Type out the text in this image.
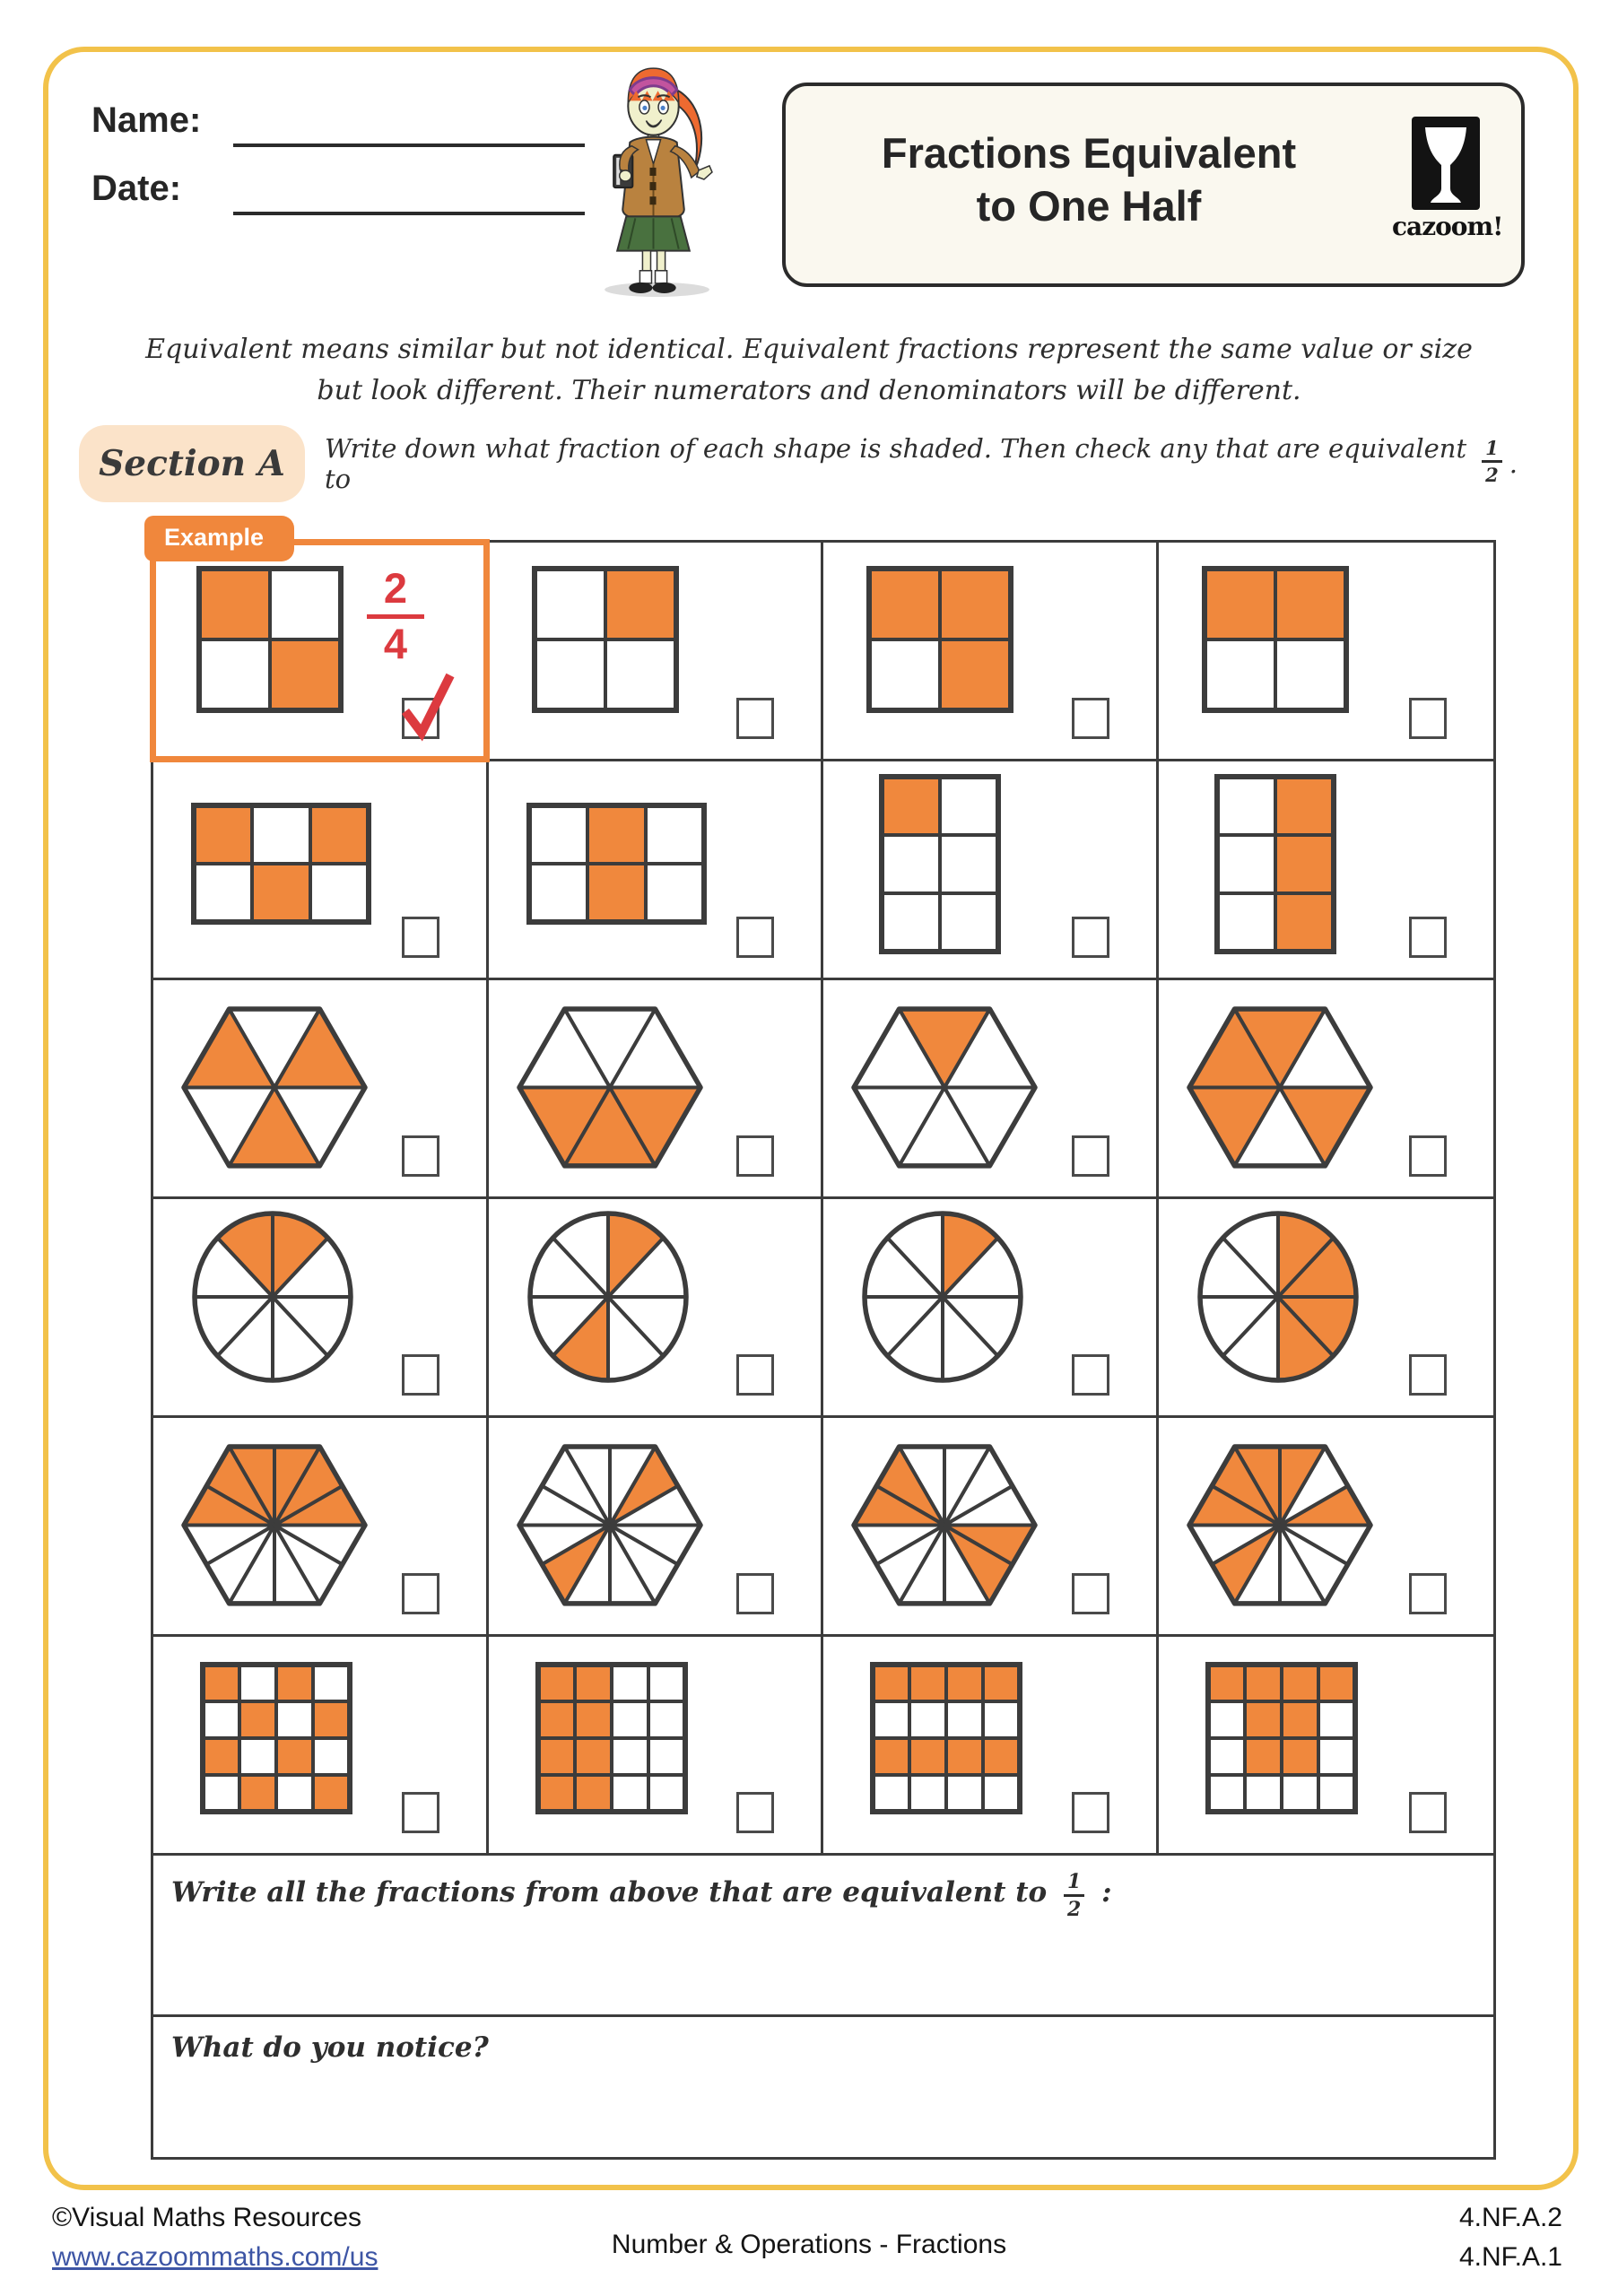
Name:
Date:
Fractions Equivalent
to One Half	cazoom!
Equivalent means similar but not identical. Equivalent fractions represent the same value or size
but look different. Their numerators and denominators will be different.
Section A Write down what fraction of each shape is shaded. Then check any that are equivalent to
1
2 .
Example
$\frac{2}{4}$
Write all the fractions from above that are equivalent to $\frac{1}{2}$ :
What do you notice?
©Visual Maths Resources
www.cazoommaths.com/us	Number & Operations - Fractions
4.NF.A.2
4.NF.A.1
